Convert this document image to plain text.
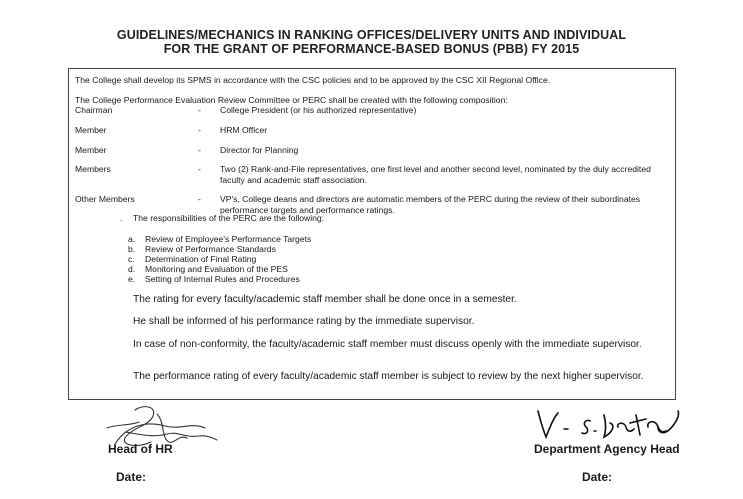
GUIDELINES/MECHANICS IN RANKING OFFICES/DELIVERY UNITS AND INDIVIDUAL
FOR THE GRANT OF PERFORMANCE-BASED BONUS (PBB) FY 2015
The College shall develop its SPMS in accordance with the CSC policies and to be approved by the CSC XII Regional Office.
The College Performance Evaluation Review Committee or PERC shall be created with the following composition:
Chairman	- College President (or his authorized representative)
Member	- HRM Officer
Member	- Director for Planning
Members	- Two (2) Rank-and-File representatives, one first level and another second level, nominated by the duly accredited faculty and academic staff association.
Other Members	- VP's, College deans and directors are automatic members of the PERC during the review of their subordinates performance targets and performance ratings.
. The responsibilities of the PERC are the following:
a. Review of Employee's Performance Targets
b. Review of Performance Standards
c. Determination of Final Rating
d. Monitoring and Evaluation of the PES
e. Setting of Internal Rules and Procedures
The rating for every faculty/academic staff member shall be done once in a semester.
He shall be informed of his performance rating by the immediate supervisor.
In case of non-conformity, the faculty/academic staff member must discuss openly with the immediate supervisor.
The performance rating of every faculty/academic staff member is subject to review by the next higher supervisor.
Head of HR
Date:
Department Agency Head
Date:
